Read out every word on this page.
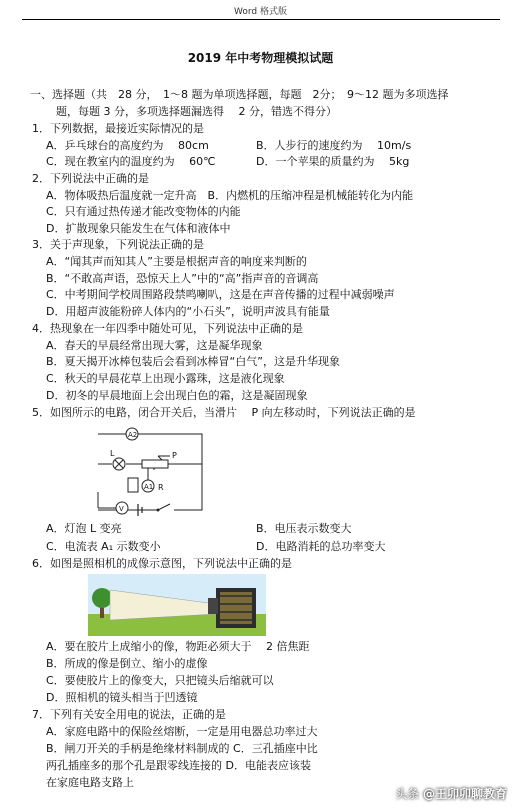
Word 格式版
2019 年中考物理模拟试题
一、选择题（共　28 分，　1～8 题为单项选择题，每题　2分；　9～12 题为多项选择
题，每题 3 分，多项选择题漏选得　 2 分，错选不得分）
1．下列数据，最接近实际情况的是
A．乒乓球台的高度约为　 80cm	B．人步行的速度约为　 10m/s
C．现在教室内的温度约为　 60℃	D．一个苹果的质量约为　 5kg
2．下列说法中正确的是
A．物体吸热后温度就一定升高　B．内燃机的压缩冲程是机械能转化为内能
C．只有通过热传递才能改变物体的内能
D．扩散现象只能发生在气体和液体中
3．关于声现象，下列说法正确的是
A．“闻其声而知其人”主要是根据声音的响度来判断的
B．“不敢高声语，恐惊天上人”中的“高”指声音的音调高
C．中考期间学校周围路段禁鸣喇叭，这是在声音传播的过程中减弱噪声
D．用超声波能粉碎人体内的“小石头”，说明声波具有能量
4．热现象在一年四季中随处可见，下列说法中正确的是
A．春天的早晨经常出现大雾，这是凝华现象
B．夏天揭开冰棒包装后会看到冰棒冒“白气”，这是升华现象
C．秋天的早晨花草上出现小露珠，这是液化现象
D．初冬的早晨地面上会出现白色的霜，这是凝固现象
5．如图所示的电路，闭合开关后，当滑片　 P 向左移动时，下列说法正确的是
A2
L	P
A1 R
V
A．灯泡 L 变亮	B．电压表示数变大
C．电流表 A₁ 示数变小	D．电路消耗的总功率变大
6．如图是照相机的成像示意图，下列说法中正确的是
A．要在胶片上成缩小的像，物距必须大于　 2 倍焦距
B．所成的像是倒立、缩小的虚像
C．要使胶片上的像变大，只把镜头后缩就可以
D．照相机的镜头相当于凹透镜
7．下列有关安全用电的说法，正确的是
A．家庭电路中的保险丝熔断，一定是用电器总功率过大
B．闸刀开关的手柄是绝缘材料制成的 C．三孔插座中比
两孔插座多的那个孔是跟零线连接的 D．电能表应该装
在家庭电路支路上
头条 @王卯卯聊教育
